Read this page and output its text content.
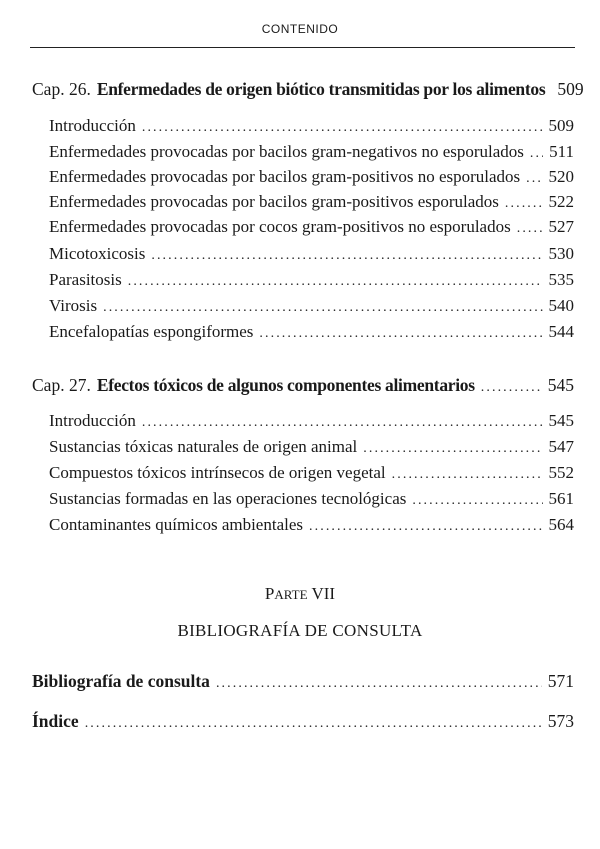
CONTENIDO
Cap. 26. Enfermedades de origen biótico transmitidas por los alimentos 509
Introducción . . .	509
Enfermedades provocadas por bacilos gram-negativos no esporulados . . . 511
Enfermedades provocadas por bacilos gram-positivos no esporulados . . . 520
Enfermedades provocadas por bacilos gram-positivos esporulados . . .	522
Enfermedades provocadas por cocos gram-positivos no esporulados . . . 527
Micotoxicosis . . .	530
Parasitosis . . .	535
Virosis . . .	540
Encefalopatías espongiformes . . .	544
Cap. 27. Efectos tóxicos de algunos componentes alimentarios . . .	545
Introducción . . .	545
Sustancias tóxicas naturales de origen animal . . .	547
Compuestos tóxicos intrínsecos de origen vegetal . . .	552
Sustancias formadas en las operaciones tecnológicas . . .	561
Contaminantes químicos ambientales . . .	564
PARTE VII
BIBLIOGRAFÍA DE CONSULTA
Bibliografía de consulta . . .	571
Índice . . .	573
